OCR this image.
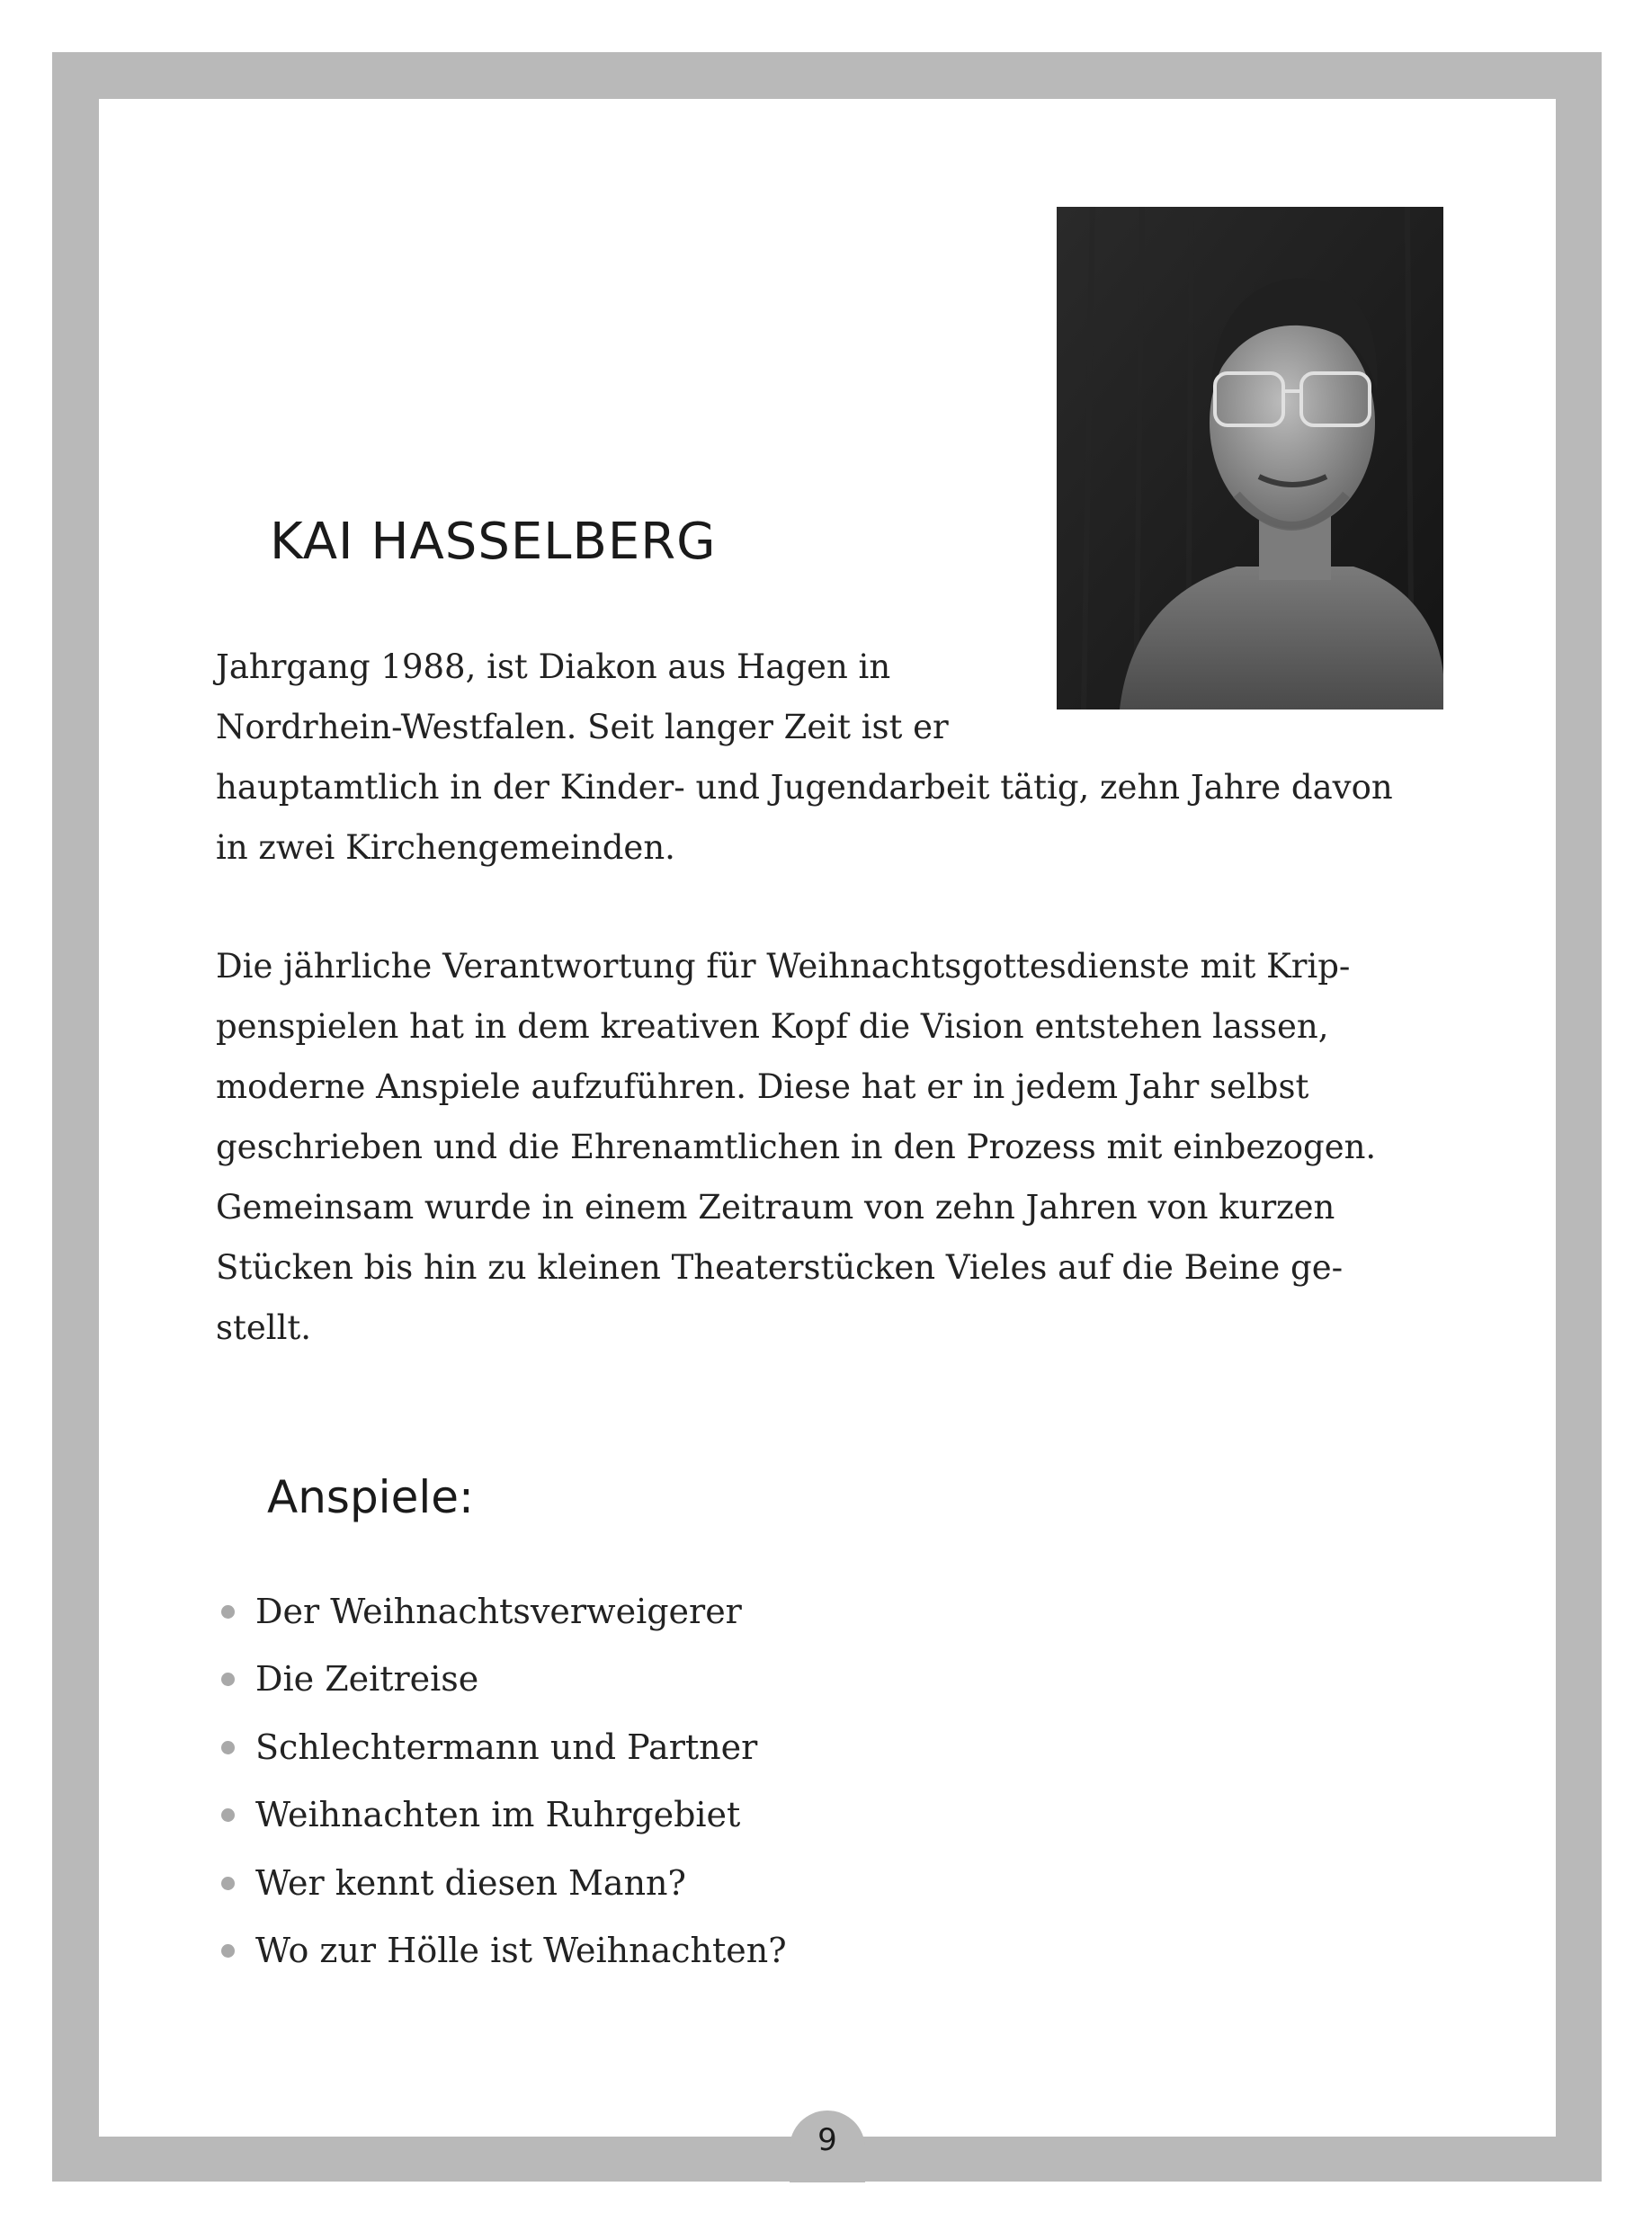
KAI HASSELBERG

Jahrgang 1988, ist Diakon aus Hagen in
Nordrhein-Westfalen. Seit langer Zeit ist er
hauptamtlich in der Kinder- und Jugendarbeit tätig, zehn Jahre davon
in zwei Kirchengemeinden.

Die jährliche Verantwortung für Weihnachtsgottesdienste mit Krip-
penspielen hat in dem kreativen Kopf die Vision entstehen lassen,
moderne Anspiele aufzuführen. Diese hat er in jedem Jahr selbst
geschrieben und die Ehrenamtlichen in den Prozess mit einbezogen.
Gemeinsam wurde in einem Zeitraum von zehn Jahren von kurzen
Stücken bis hin zu kleinen Theaterstücken Vieles auf die Beine ge-
stellt.

Anspiele:
Der Weihnachtsverweigerer
Die Zeitreise
Schlechtermann und Partner
Weihnachten im Ruhrgebiet
Wer kennt diesen Mann?
Wo zur Hölle ist Weihnachten?
9
